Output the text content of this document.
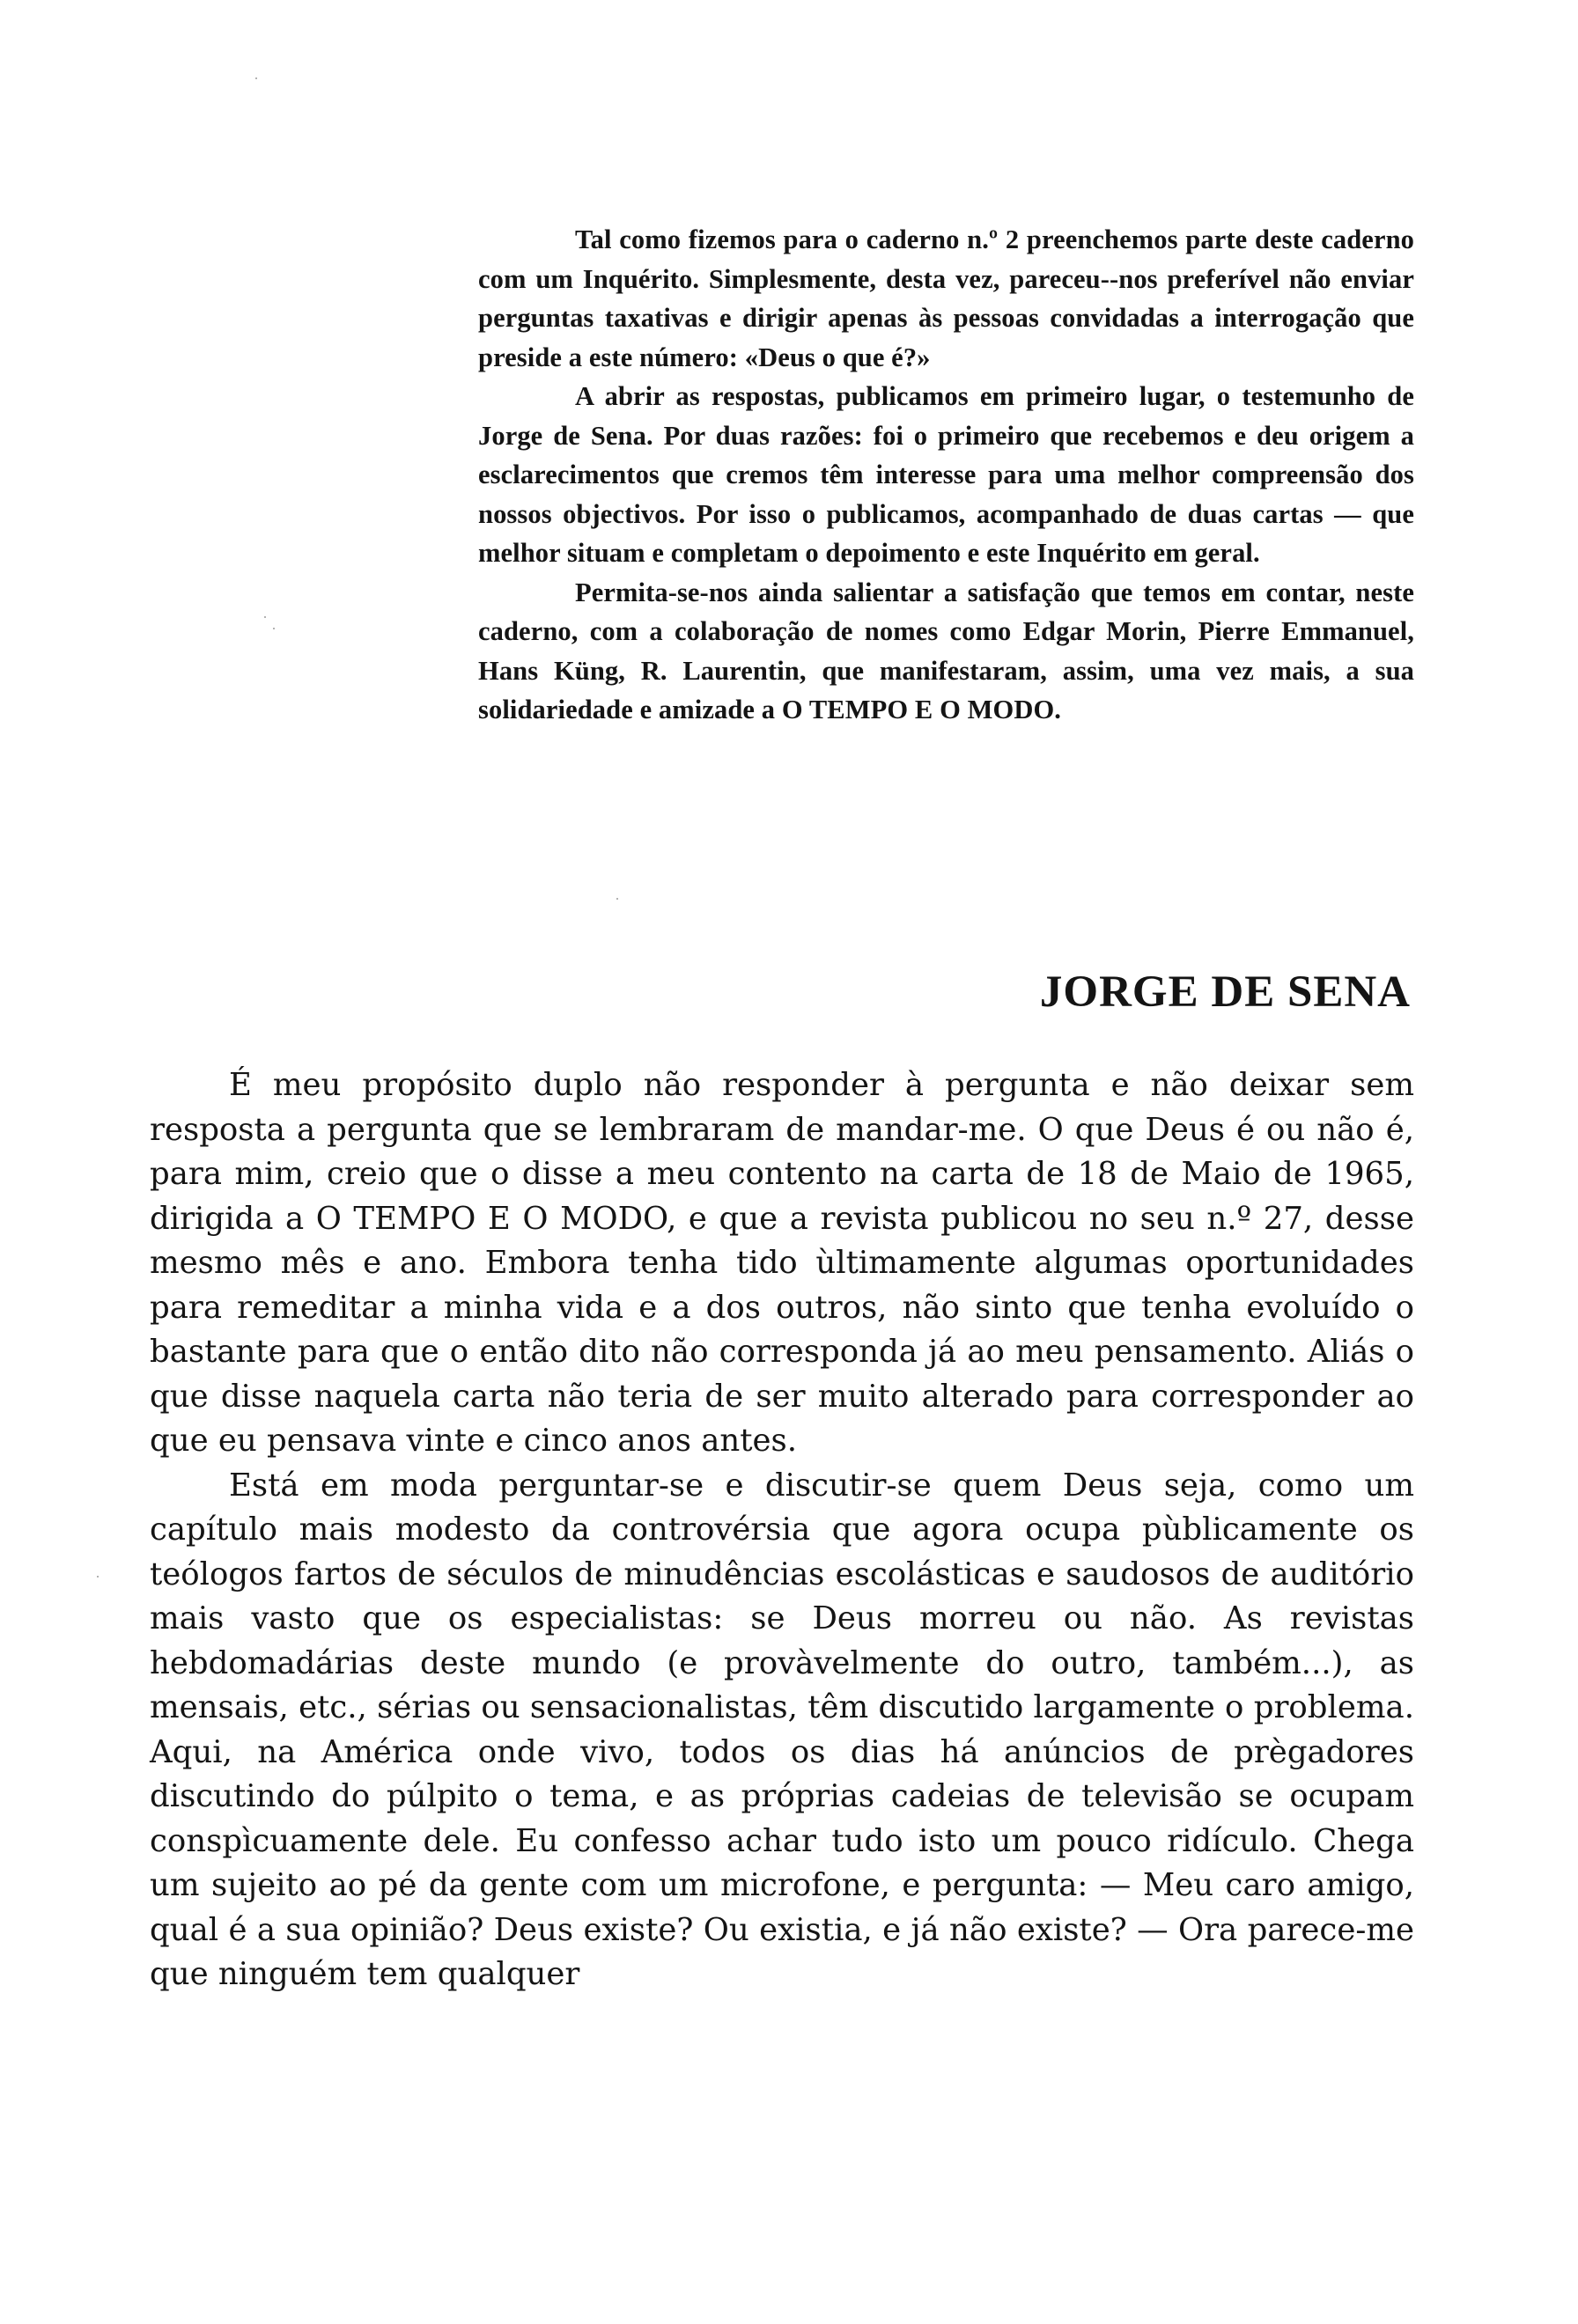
Tal como fizemos para o caderno n.º 2 preenchemos parte deste caderno com um Inquérito. Simplesmente, desta vez, pareceu--nos preferível não enviar perguntas taxativas e dirigir apenas às pessoas convidadas a interrogação que preside a este número: «Deus o que é?»

A abrir as respostas, publicamos em primeiro lugar, o testemunho de Jorge de Sena. Por duas razões: foi o primeiro que recebemos e deu origem a esclarecimentos que cremos têm interesse para uma melhor compreensão dos nossos objectivos. Por isso o publicamos, acompanhado de duas cartas — que melhor situam e completam o depoimento e este Inquérito em geral.

Permita-se-nos ainda salientar a satisfação que temos em contar, neste caderno, com a colaboração de nomes como Edgar Morin, Pierre Emmanuel, Hans Küng, R. Laurentin, que manifestaram, assim, uma vez mais, a sua solidariedade e amizade a O TEMPO E O MODO.

JORGE DE SENA

É meu propósito duplo não responder à pergunta e não deixar sem resposta a pergunta que se lembraram de mandar-me. O que Deus é ou não é, para mim, creio que o disse a meu contento na carta de 18 de Maio de 1965, dirigida a O TEMPO E O MODO, e que a revista publicou no seu n.º 27, desse mesmo mês e ano. Embora tenha tido ùltimamente algumas oportunidades para remeditar a minha vida e a dos outros, não sinto que tenha evoluído o bastante para que o então dito não corresponda já ao meu pensamento. Aliás o que disse naquela carta não teria de ser muito alterado para corresponder ao que eu pensava vinte e cinco anos antes.

Está em moda perguntar-se e discutir-se quem Deus seja, como um capítulo mais modesto da controvérsia que agora ocupa pùblicamente os teólogos fartos de séculos de minudências escolásticas e saudosos de auditório mais vasto que os especialistas: se Deus morreu ou não. As revistas hebdomadárias deste mundo (e provàvelmente do outro, também...), as mensais, etc., sérias ou sensacionalistas, têm discutido largamente o problema. Aqui, na América onde vivo, todos os dias há anúncios de prègadores discutindo do púlpito o tema, e as próprias cadeias de televisão se ocupam conspìcuamente dele. Eu confesso achar tudo isto um pouco ridículo. Chega um sujeito ao pé da gente com um microfone, e pergunta: — Meu caro amigo, qual é a sua opinião? Deus existe? Ou existia, e já não existe? — Ora parece-me que ninguém tem qualquer
